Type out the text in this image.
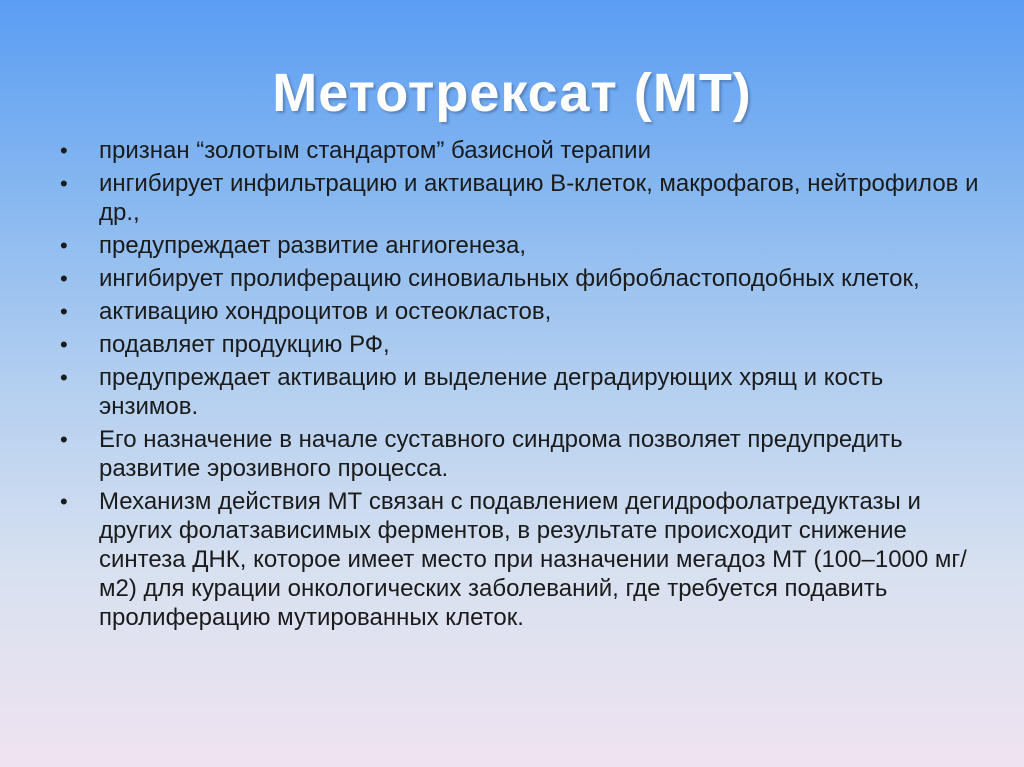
Метотрексат (МТ)
• признан “золотым стандартом” базисной терапии
• ингибирует инфильтрацию и активацию В-клеток, макрофагов, нейтрофилов и др.,
• предупреждает развитие ангиогенеза,
• ингибирует пролиферацию синовиальных фибробластоподобных клеток,
• активацию хондроцитов и остеокластов,
• подавляет продукцию РФ,
• предупреждает активацию и выделение деградирующих хрящ и кость энзимов.
• Его назначение в начале суставного синдрома позволяет предупредить развитие эрозивного процесса.
• Механизм действия МТ связан с подавлением дегидрофолатредуктазы и других фолатзависимых ферментов, в результате происходит снижение синтеза ДНК, которое имеет место при назначении мегадоз МТ (100–1000 мг/м2) для курации онкологических заболеваний, где требуется подавить пролиферацию мутированных клеток.
